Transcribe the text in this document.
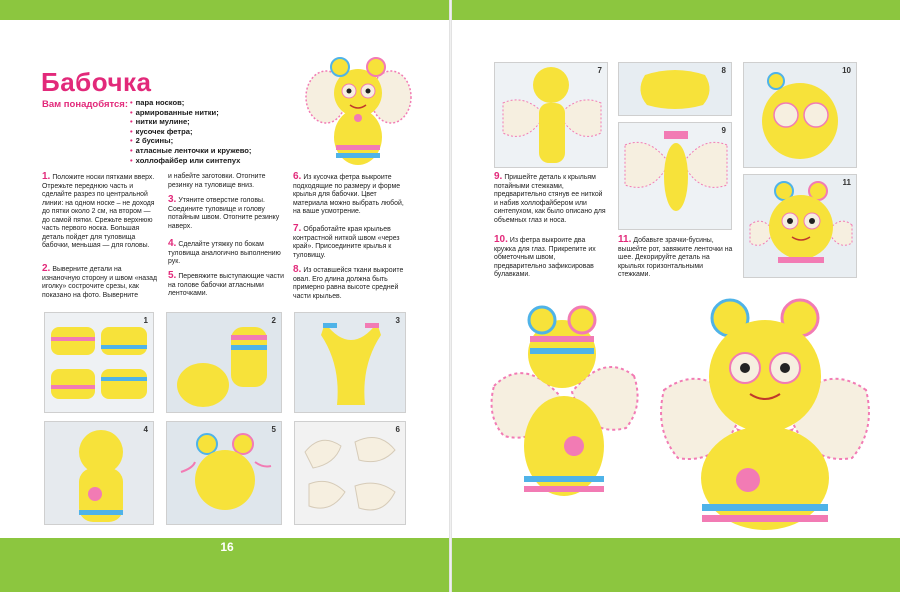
16
Бабочка
Вам понадобятся:
•	пара носков;
• армированные нитки;
• нитки мулине;
• кусочек фетра;
• 2 бусины;
• атласные ленточки и кружево;
• холлофайбер или синтепух
1. Положите носки пятками вверх. Отрежьте переднюю часть и сделайте разрез по центральной линии: на одном носке – не доходя до пятки около 2 см, на втором — до самой пятки. Срежьте верхнюю часть первого носка. Большая деталь пойдет для туловища бабочки, меньшая — для головы.
2. Выверните детали на изнаночную сторону и швом «назад иголку» сострочите срезы, как показано на фото. Выверните
и набейте заготовки. Отогните резинку на туловище вниз.
3. Утяните отверстие головы. Соедините туловище и голову потайным швом. Отогните резинку наверх.
4. Сделайте утяжку по бокам туловища аналогично выполнению рук.
5. Перевяжите выступающие части на голове бабочки атласными ленточками.
6. Из кусочка фетра выкроите подходящие по размеру и форме крылья для бабочки. Цвет материала можно выбрать любой, на ваше усмотрение.
7. Обработайте края крыльев контрастной ниткой швом «через край». Присоедините крылья к туловищу.
8. Из оставшейся ткани выкроите овал. Его длина должна быть примерно равна высоте средней части крыльев.
1	2	3
4	5	6
7	8
9
10
11
9. Пришейте деталь к крыльям потайными стежками, предварительно стянув ее ниткой и набив холлофайбером или синтепухом, как было описано для объемных глаз и носа.
10. Из фетра выкроите два кружка для глаз. Прикрепите их обметочным швом, предварительно зафиксировав булавками.
11. Добавьте зрачки-бусины, вышейте рот, завяжите ленточки на шее. Декорируйте деталь на крыльях горизонтальными стежками.
